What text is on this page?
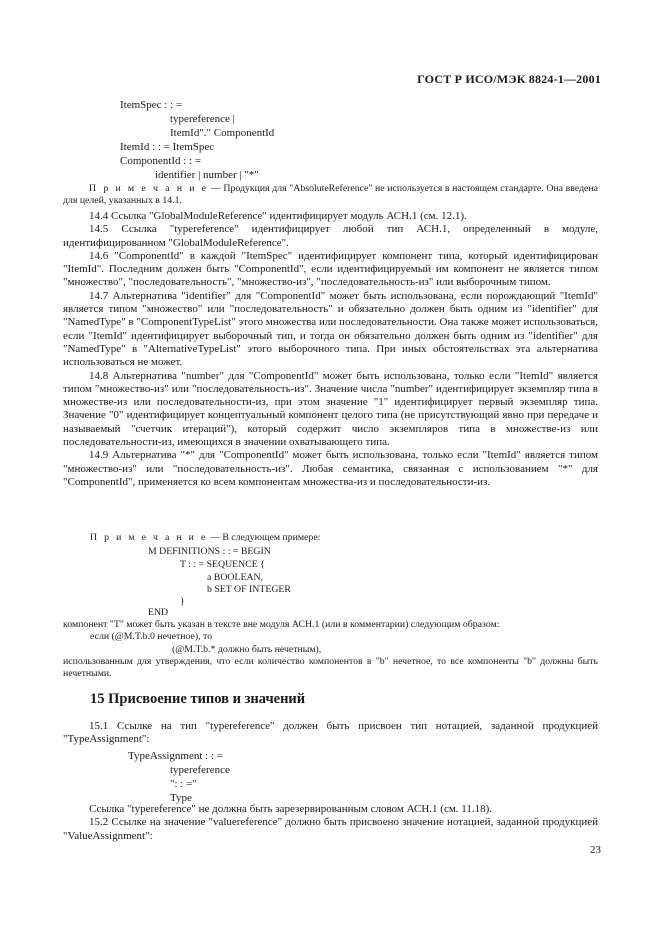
ГОСТ Р ИСО/МЭК 8824-1—2001
ItemSpec : : =
typereference |
ItemId"." ComponentId
ItemId : : = ItemSpec
ComponentId : : =
identifier | number | "*"

П р и м е ч а н и е — Продукция для "AbsoluteReference" не используется в настоящем стандарте. Она введена для целей, указанных в 14.1.

14.4 Ссылка "GlobalModuleReference" идентифицирует модуль АСН.1 (см. 12.1).

14.5 Ссылка "typereference" идентифицирует любой тип АСН.1, определенный в модуле, идентифицированном "GlobalModuleReference".

14.6 "ComponentId" в каждой "ItemSpec" идентифицирует компонент типа, который идентифицирован "ItemId". Последним должен быть "ComponentId", если идентифицируемый им компонент не является типом "множество", "последовательность", "множество-из", "последовательность-из" или выборочным типом.

14.7 Альтернатива "identifier" для "ComponentId" может быть использована, если порождающий "ItemId" является типом "множество" или "последовательность" и обязательно должен быть одним из "identifier" для "NamedType" в "ComponentTypeList" этого множества или последовательности. Она также может использоваться, если "ItemId" идентифицирует выборочный тип, и тогда он обязательно должен быть одним из "identifier" для "NamedType" в "AlternativeTypeList" этого выборочного типа. При иных обстоятельствах эта альтернатива использоваться не может.

14.8 Альтернатива "number" для "ComponentId" может быть использована, только если "ItemId" является типом "множество-из" или "последовательность-из". Значение числа "number" идентифицирует экземпляр типа в множестве-из или последовательности-из, при этом значение "1" идентифицирует первый экземпляр типа. Значение "0" идентифицирует концептуальный компонент целого типа (не присутствующий явно при передаче и называемый "счетчик итераций"), который содержит число экземпляров типа в множестве-из или последовательности-из, имеющихся в значении охватывающего типа.

14.9 Альтернатива "*" для "ComponentId" может быть использована, только если "ItemId" является типом "множество-из" или "последовательность-из". Любая семантика, связанная с использованием "*" для "ComponentId", применяется ко всем компонентам множества-из и последовательности-из.

П р и м е ч а н и е — В следующем примере:
M DEFINITIONS : : = BEGIN
T : : = SEQUENCE {
a BOOLEAN,
b SET OF INTEGER
}
END
компонент "T" может быть указан в тексте вне модуля АСН.1 (или в комментарии) следующим образом:
если (@M.T.b.0 нечетное), то
(@M.T.b.* должно быть нечетным),

использованным для утверждения, что если количество компонентов в "b" нечетное, то все компоненты "b" должны быть нечетными.

15 Присвоение типов и значений

15.1 Ссылке на тип "typereference" должен быть присвоен тип нотацией, заданной продукцией "TypeAssignment":

TypeAssignment : : =
typereference
": : ="
Type

Ссылка "typereference" не должна быть зарезервированным словом АСН.1 (см. 11.18).

15.2 Ссылке на значение "valuereference" должно быть присвоено значение нотацией, заданной продукцией "ValueAssignment":

23
